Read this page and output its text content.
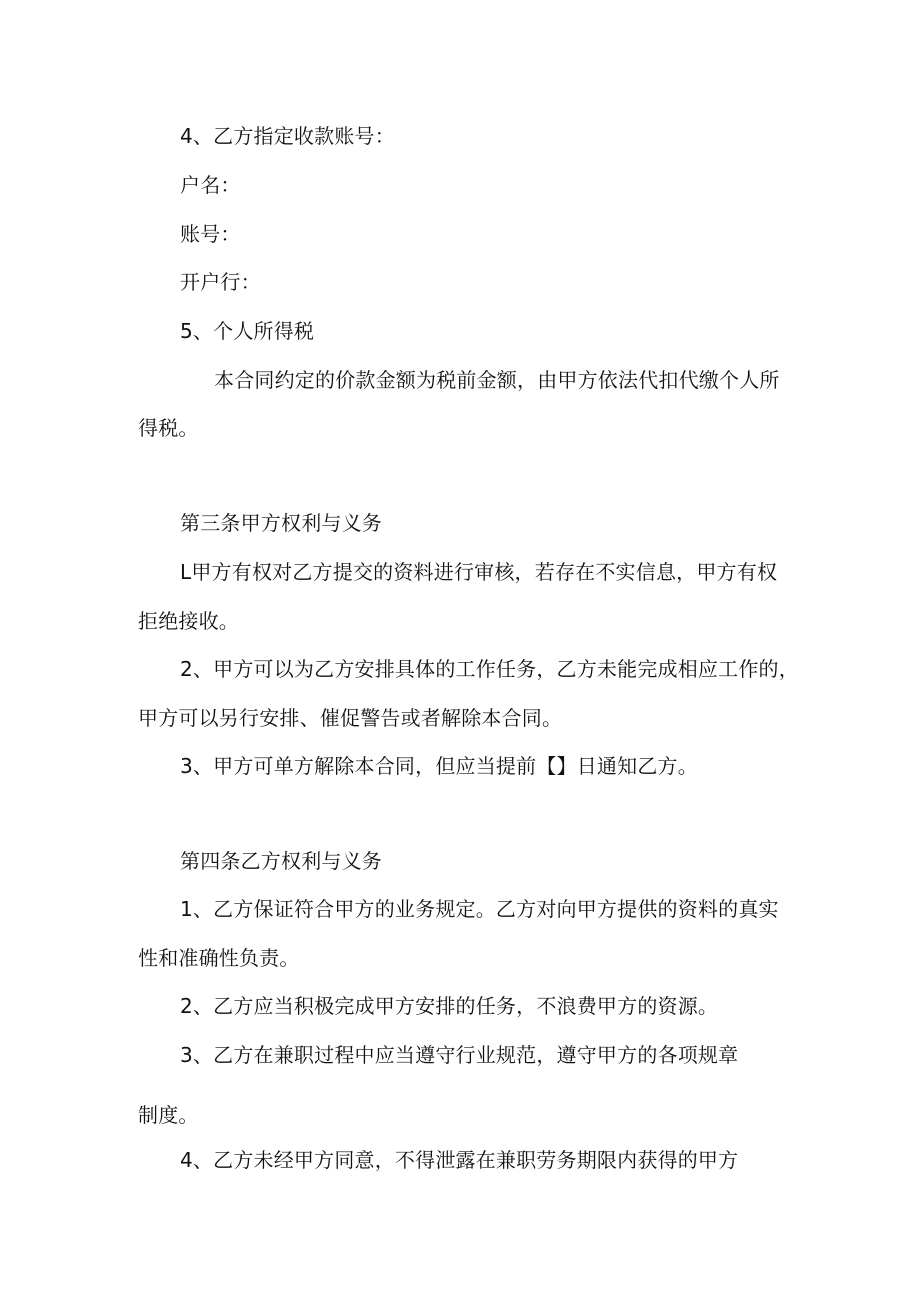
4、乙方指定收款账号：
户名：
账号：
开户行：
5、个人所得税
本合同约定的价款金额为税前金额，由甲方依法代扣代缴个人所
得税。
第三条甲方权利与义务
L甲方有权对乙方提交的资料进行审核，若存在不实信息，甲方有权
拒绝接收。
2、甲方可以为乙方安排具体的工作任务，乙方未能完成相应工作的，
甲方可以另行安排、催促警告或者解除本合同。
3、甲方可单方解除本合同，但应当提前【】日通知乙方。
第四条乙方权利与义务
1、乙方保证符合甲方的业务规定。乙方对向甲方提供的资料的真实
性和准确性负责。
2、乙方应当积极完成甲方安排的任务，不浪费甲方的资源。
3、乙方在兼职过程中应当遵守行业规范，遵守甲方的各项规章
制度。
4、乙方未经甲方同意，不得泄露在兼职劳务期限内获得的甲方
